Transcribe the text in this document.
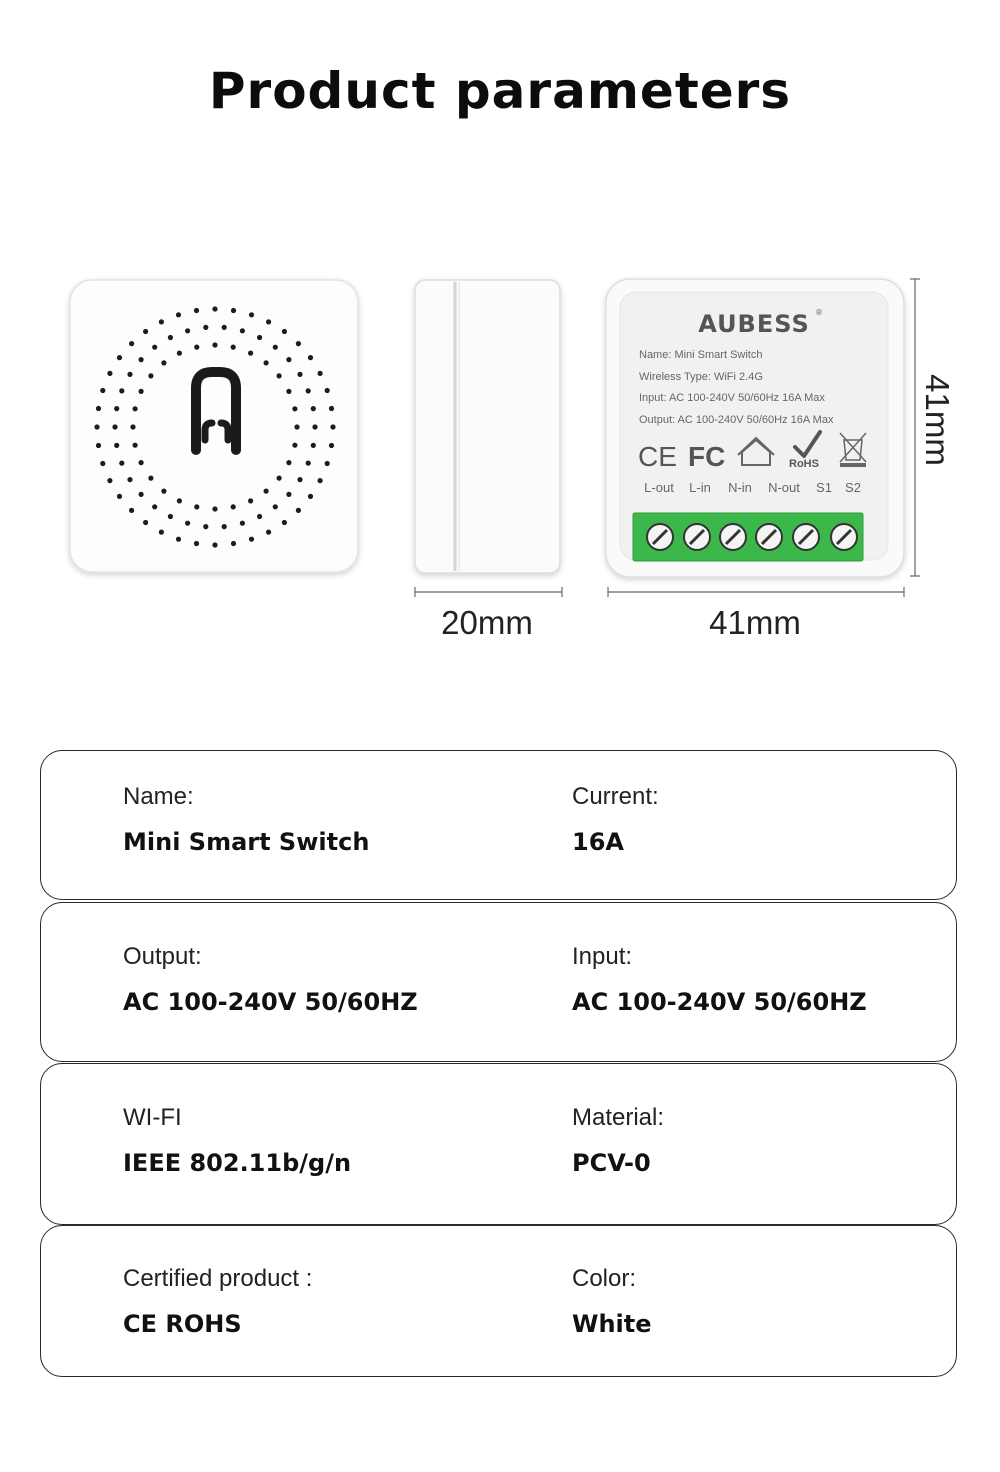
Product parameters
AUBESS ®
Name: Mini Smart Switch
Wireless Type: WiFi 2.4G
Input: AC 100-240V 50/60Hz 16A Max
Output: AC 100-240V 50/60Hz 16A Max
CE FC	RoHS
L-out L-in N-in N-out S1 S2
41mm
20mm	41mm
Name:
Mini Smart Switch
Current:
16A
Output:
AC 100-240V 50/60HZ
Input:
AC 100-240V 50/60HZ
WI-FI
IEEE 802.11b/g/n
Material:
PCV-0
Certified product :
CE ROHS
Color:
White
